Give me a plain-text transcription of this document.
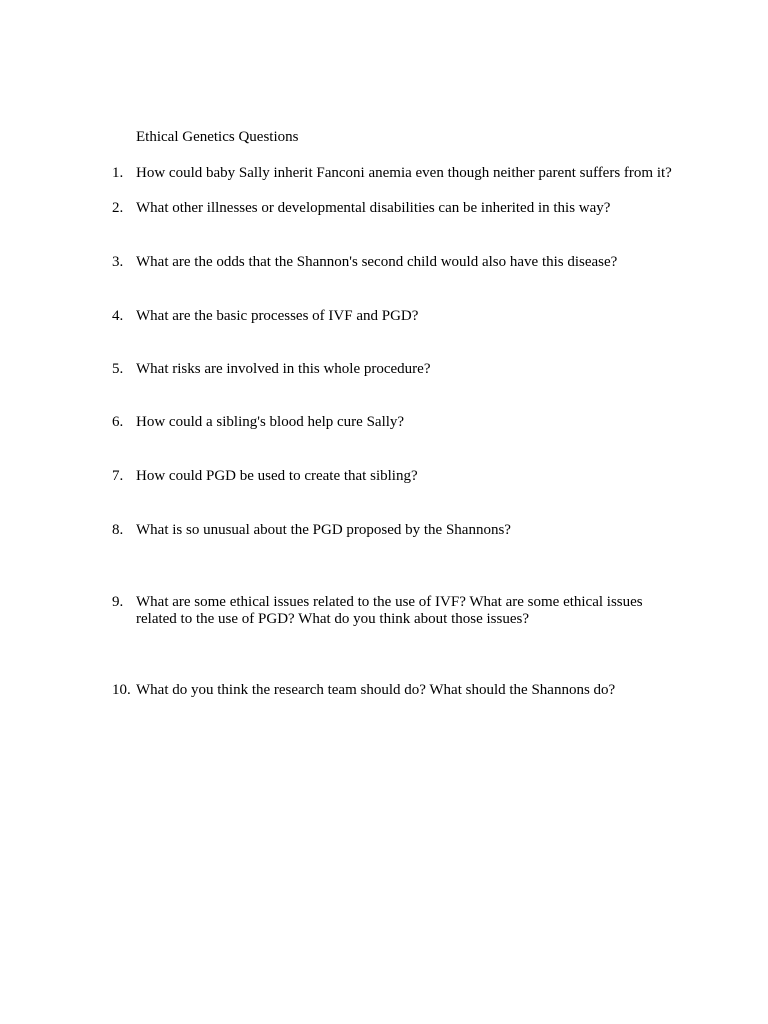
Ethical Genetics Questions
1. How could baby Sally inherit Fanconi anemia even though neither parent suffers from it?
2. What other illnesses or developmental disabilities can be inherited in this way?
3. What are the odds that the Shannon's second child would also have this disease?
4. What are the basic processes of IVF and PGD?
5. What risks are involved in this whole procedure?
6. How could a sibling's blood help cure Sally?
7. How could PGD be used to create that sibling?
8. What is so unusual about the PGD proposed by the Shannons?
9. What are some ethical issues related to the use of IVF? What are some ethical issues related to the use of PGD? What do you think about those issues?
10. What do you think the research team should do? What should the Shannons do?
